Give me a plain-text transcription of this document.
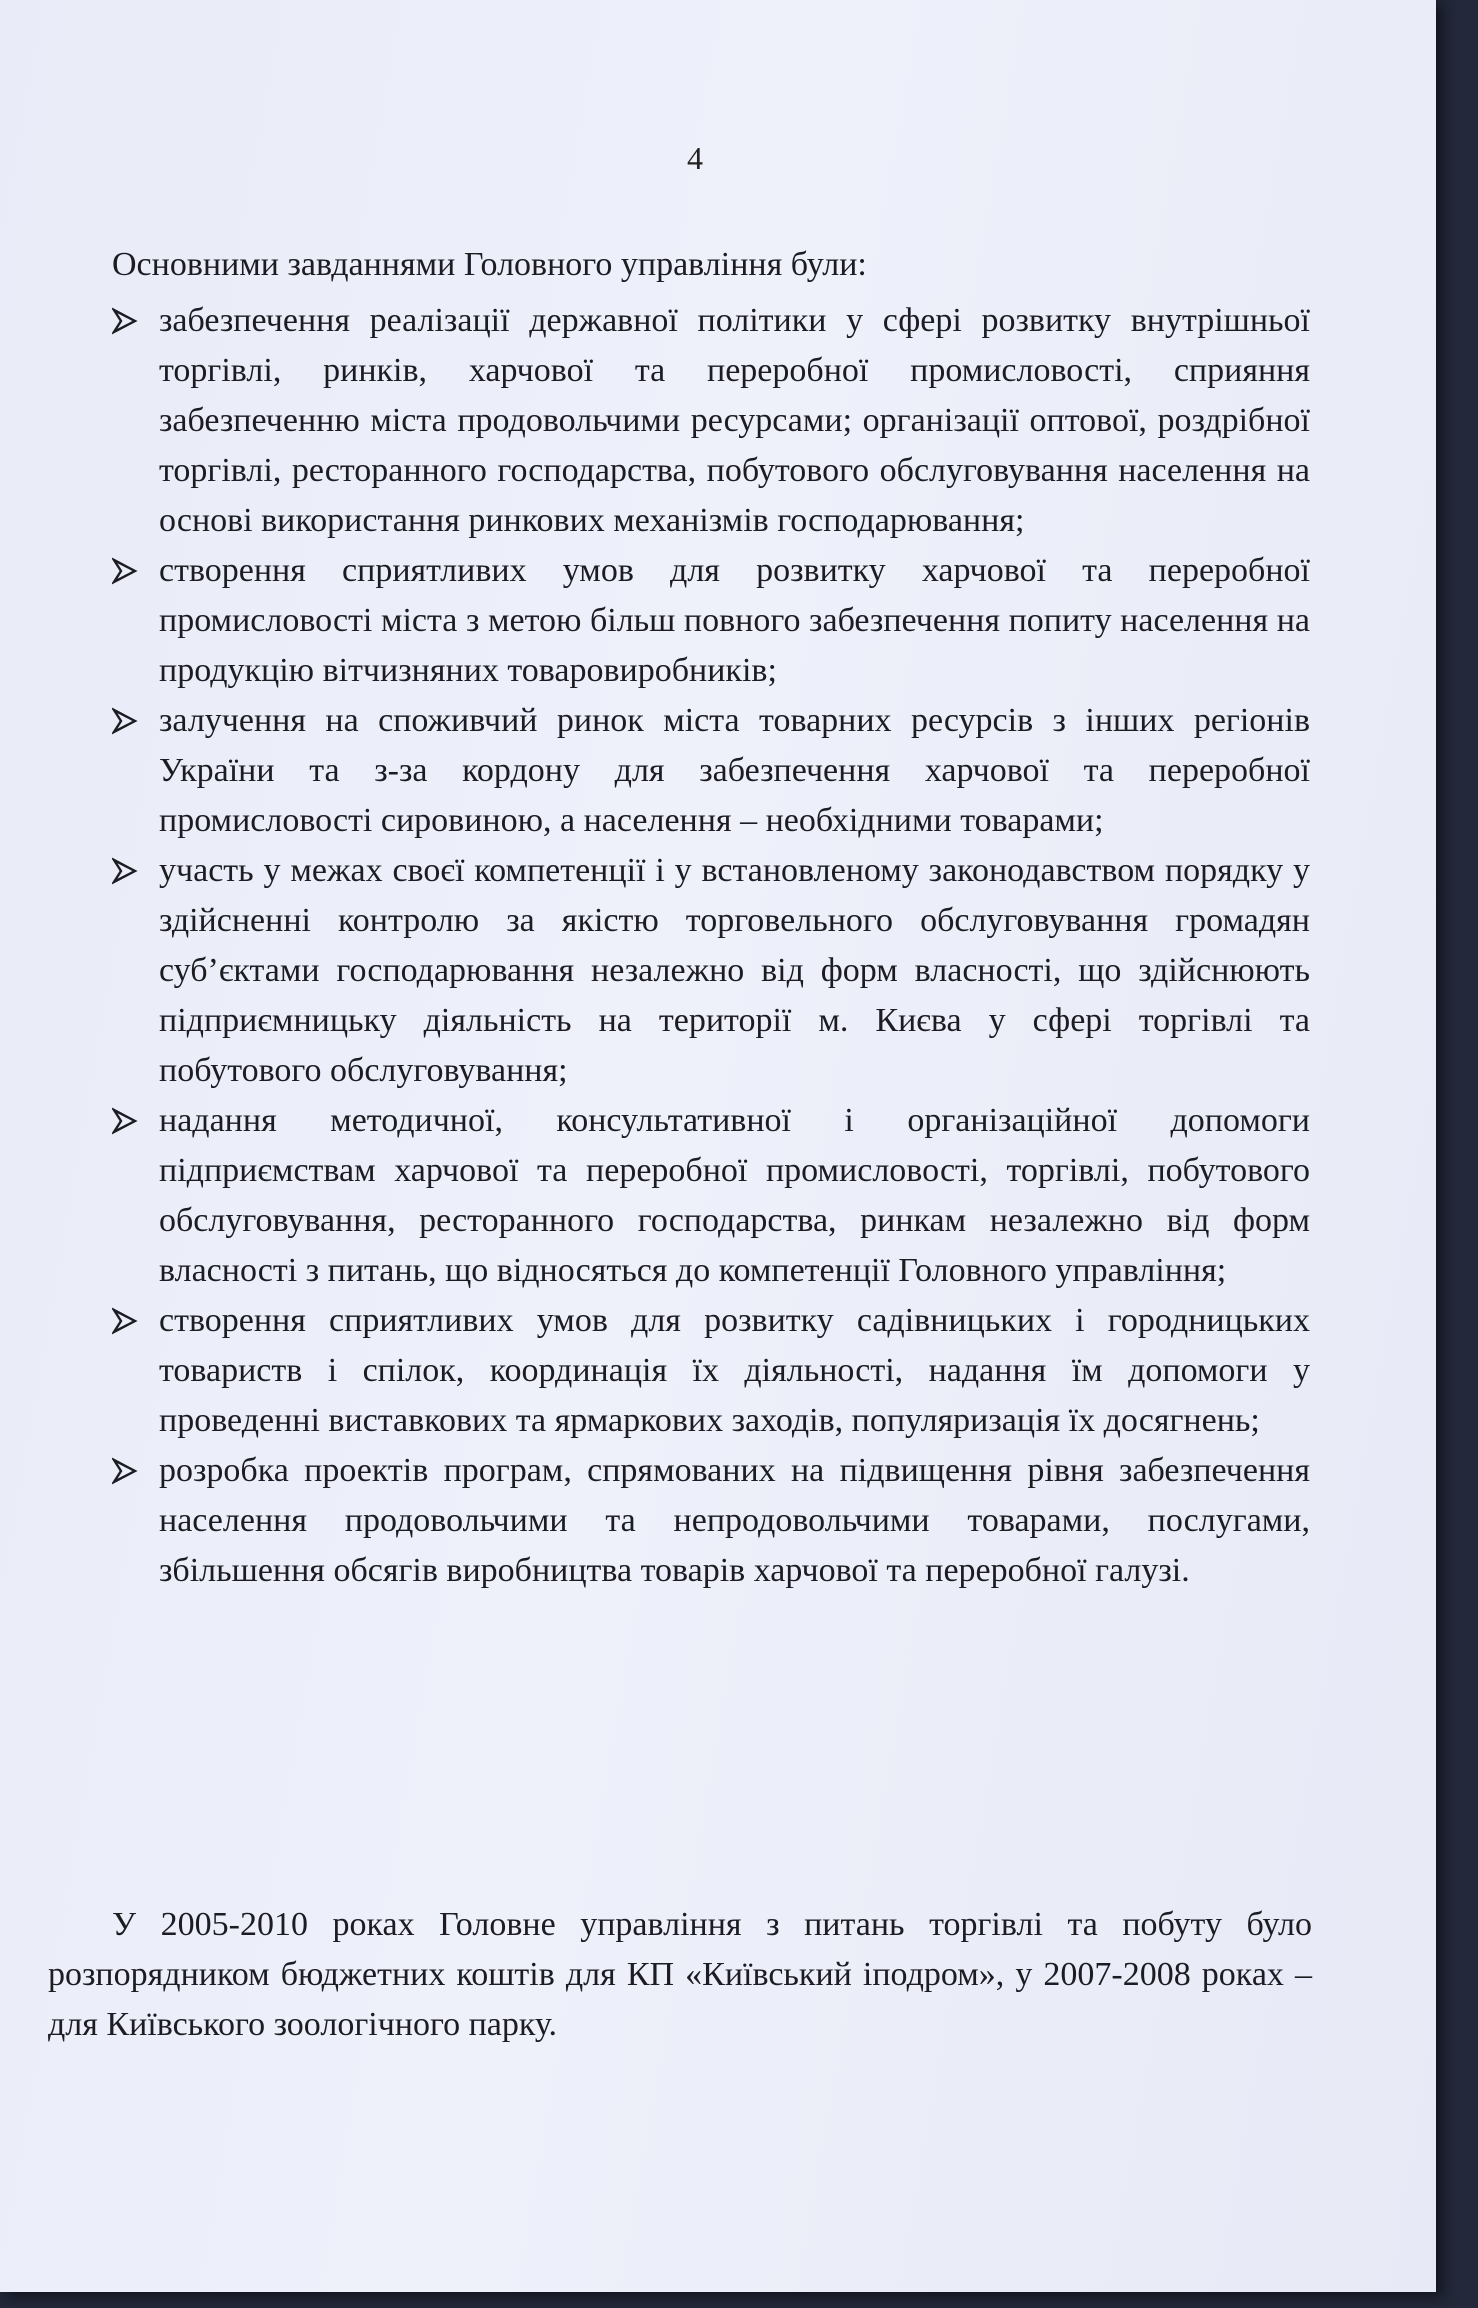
4

Основними завданнями Головного управління були:

забезпечення реалізації державної політики у сфері розвитку внутрішньої торгівлі, ринків, харчової та переробної промисловості, сприяння забезпеченню міста продовольчими ресурсами; організації оптової, роздрібної торгівлі, ресторанного господарства, побутового обслуговування населення на основі використання ринкових механізмів господарювання;
створення сприятливих умов для розвитку харчової та переробної промисловості міста з метою більш повного забезпечення попиту населення на продукцію вітчизняних товаровиробників;
залучення на споживчий ринок міста товарних ресурсів з інших регіонів України та з-за кордону для забезпечення харчової та переробної промисловості сировиною, а населення – необхідними товарами;
участь у межах своєї компетенції і у встановленому законодавством порядку у здійсненні контролю за якістю торговельного обслуговування громадян суб’єктами господарювання незалежно від форм власності, що здійснюють підприємницьку діяльність на території м. Києва у сфері торгівлі та побутового обслуговування;
надання методичної, консультативної і організаційної допомоги підприємствам харчової та переробної промисловості, торгівлі, побутового обслуговування, ресторанного господарства, ринкам незалежно від форм власності з питань, що відносяться до компетенції Головного управління;
створення сприятливих умов для розвитку садівницьких і городницьких товариств і спілок, координація їх діяльності, надання їм допомоги у проведенні виставкових та ярмаркових заходів, популяризація їх досягнень;
розробка проектів програм, спрямованих на підвищення рівня забезпечення населення продовольчими та непродовольчими товарами, послугами, збільшення обсягів виробництва товарів харчової та переробної галузі.

У 2005-2010 роках Головне управління з питань торгівлі та побуту було розпорядником бюджетних коштів для КП «Київський іподром», у 2007-2008 роках – для Київського зоологічного парку.
